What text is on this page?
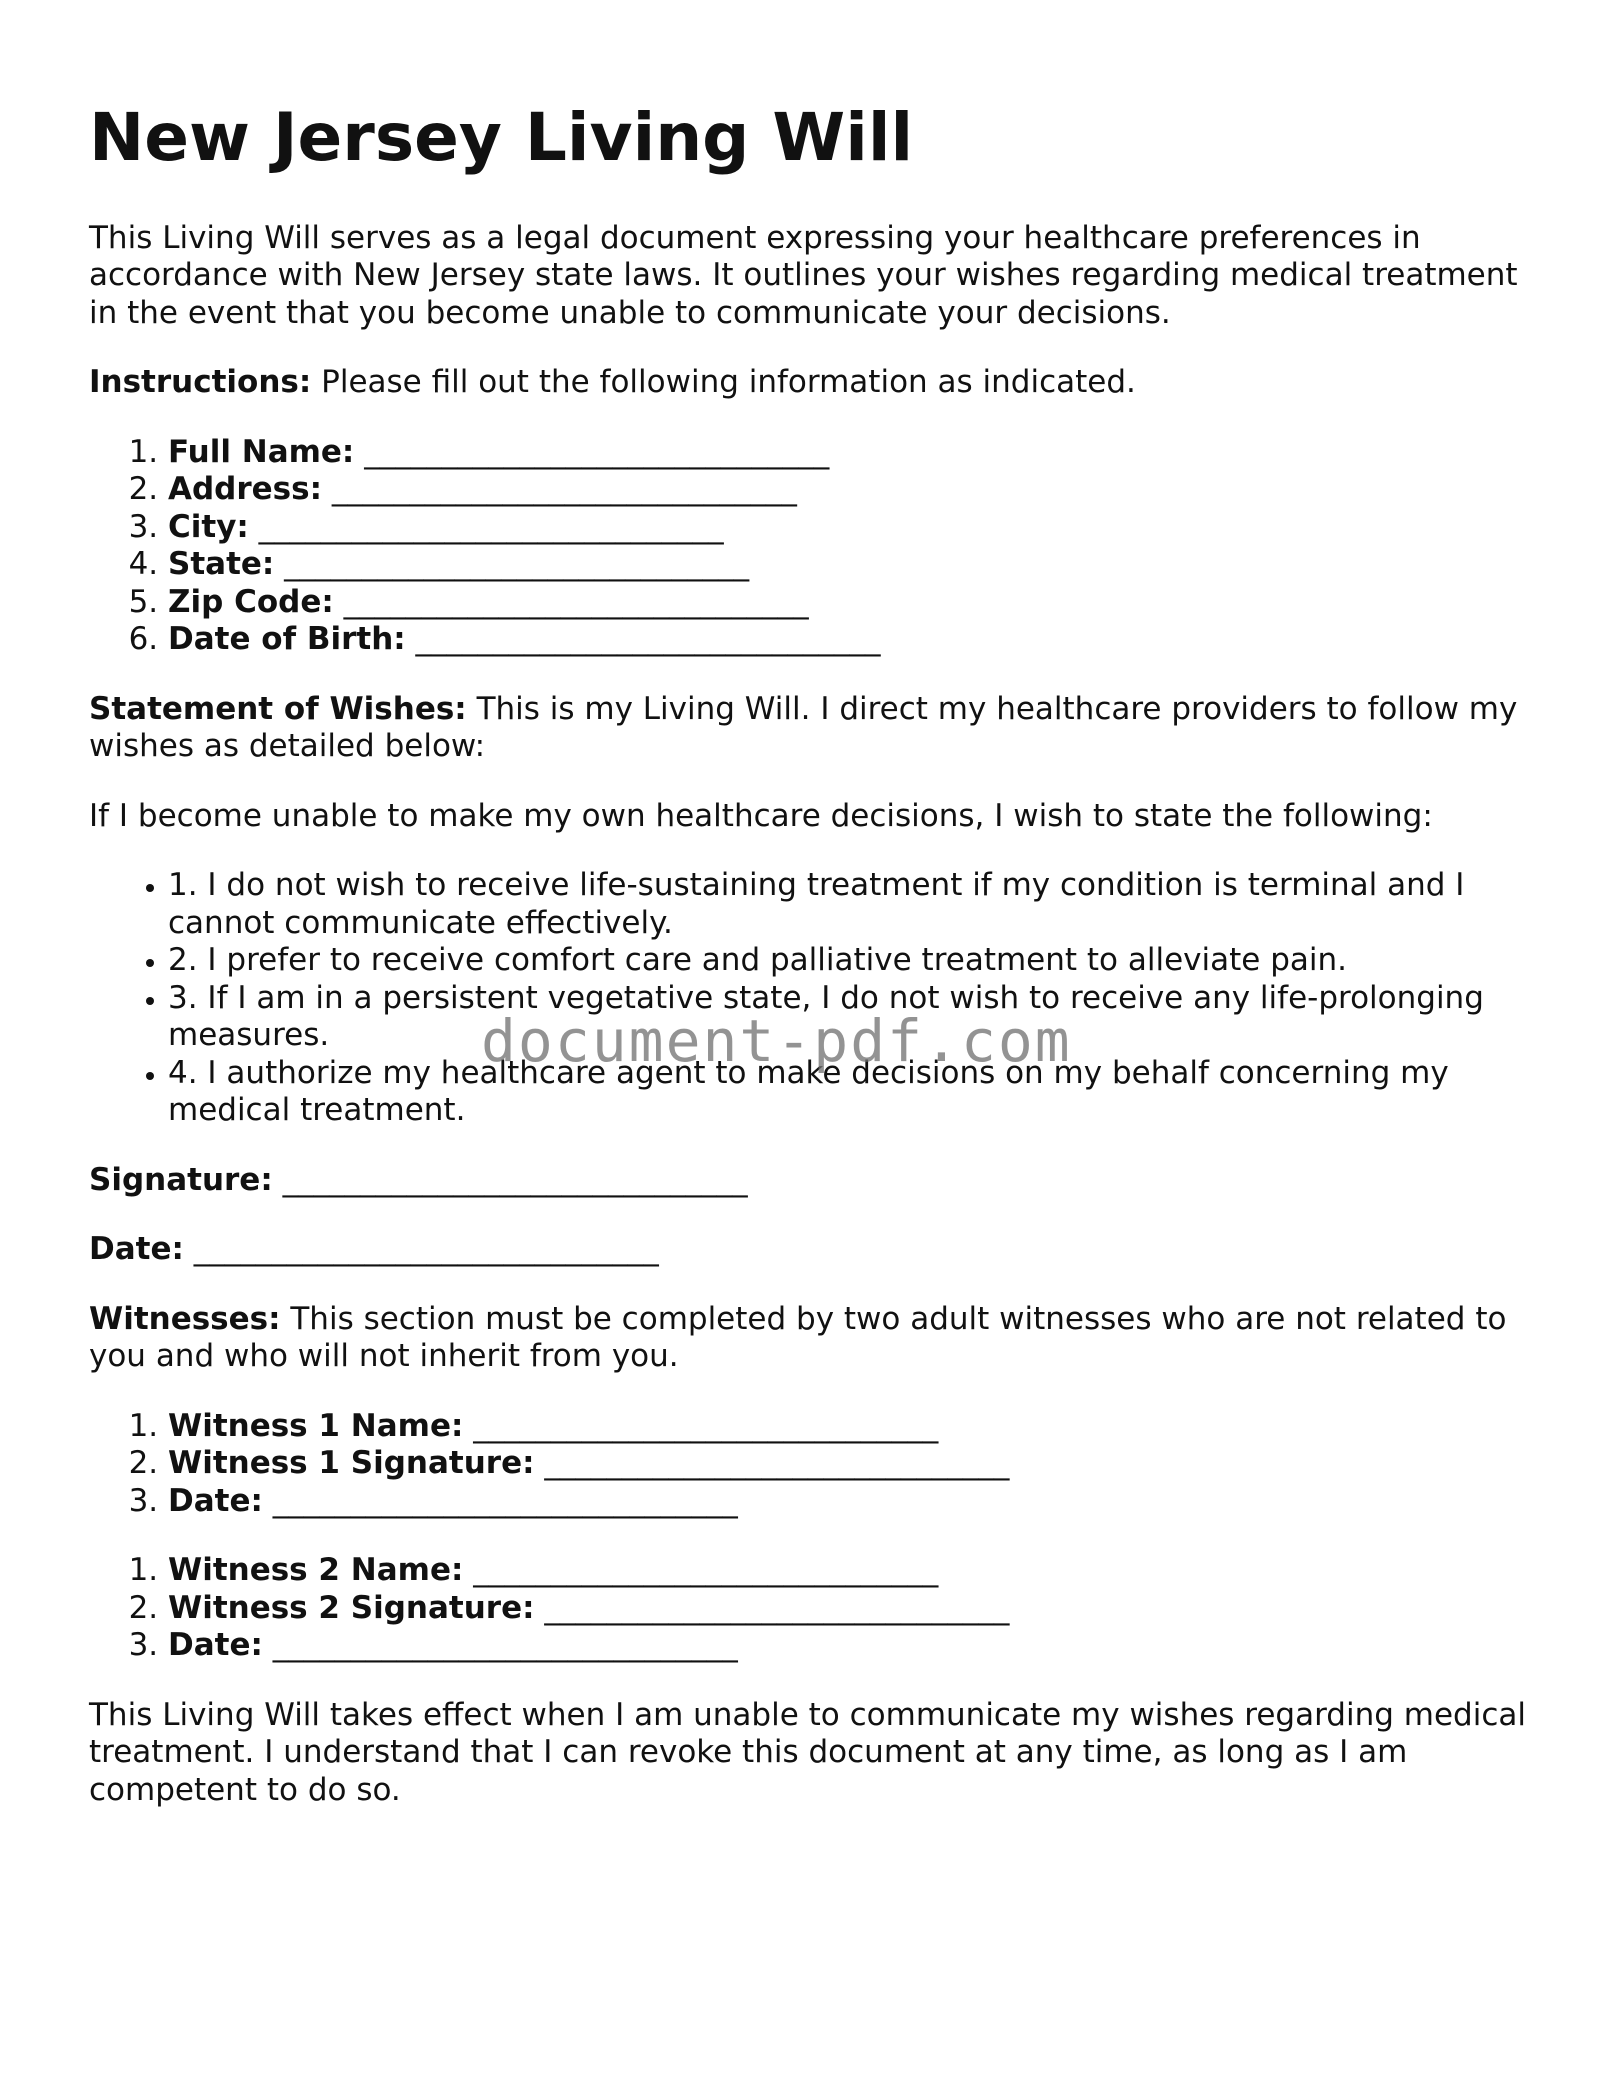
New Jersey Living Will

This Living Will serves as a legal document expressing your healthcare preferences in accordance with New Jersey state laws. It outlines your wishes regarding medical treatment in the event that you become unable to communicate your decisions.

Instructions: Please fill out the following information as indicated.

1. Full Name: ______________________________
2. Address: ______________________________
3. City: ______________________________
4. State: ______________________________
5. Zip Code: ______________________________
6. Date of Birth: ______________________________

Statement of Wishes: This is my Living Will. I direct my healthcare providers to follow my wishes as detailed below:

If I become unable to make my own healthcare decisions, I wish to state the following:

• 1. I do not wish to receive life-sustaining treatment if my condition is terminal and I cannot communicate effectively.
• 2. I prefer to receive comfort care and palliative treatment to alleviate pain.
• 3. If I am in a persistent vegetative state, I do not wish to receive any life-prolonging measures.
• 4. I authorize my healthcare agent to make decisions on my behalf concerning my medical treatment.

Signature: ______________________________

Date: ______________________________

Witnesses: This section must be completed by two adult witnesses who are not related to you and who will not inherit from you.

1. Witness 1 Name: ______________________________
2. Witness 1 Signature: ______________________________
3. Date: ______________________________
1. Witness 2 Name: ______________________________
2. Witness 2 Signature: ______________________________
3. Date: ______________________________

This Living Will takes effect when I am unable to communicate my wishes regarding medical treatment. I understand that I can revoke this document at any time, as long as I am competent to do so.

document-pdf.com
